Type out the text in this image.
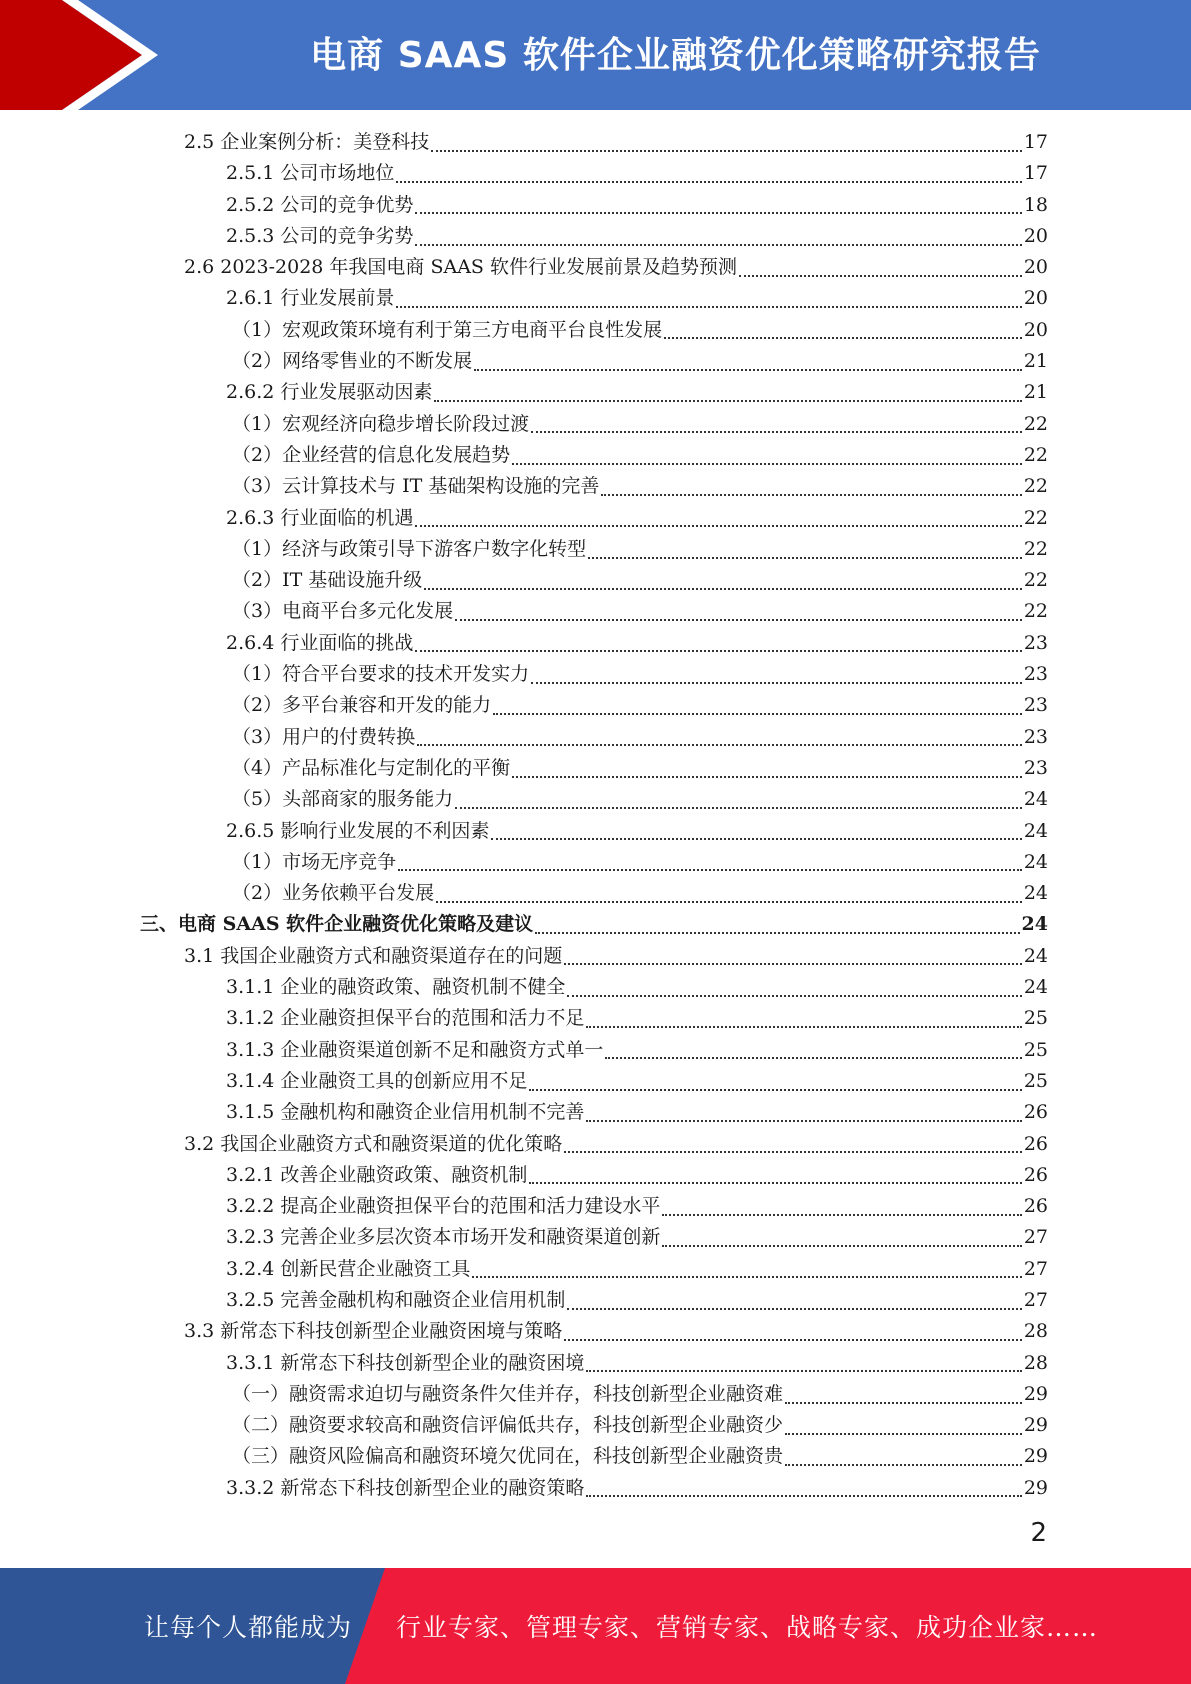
电商 SAAS 软件企业融资优化策略研究报告
2.5 企业案例分析：美登科技	17
2.5.1 公司市场地位	17
2.5.2 公司的竞争优势	18
2.5.3 公司的竞争劣势	20
2.6 2023-2028 年我国电商 SAAS 软件行业发展前景及趋势预测	20
2.6.1 行业发展前景	20
（1）宏观政策环境有利于第三方电商平台良性发展	20
（2）网络零售业的不断发展	21
2.6.2 行业发展驱动因素	21
（1）宏观经济向稳步增长阶段过渡	22
（2）企业经营的信息化发展趋势	22
（3）云计算技术与 IT 基础架构设施的完善	22
2.6.3 行业面临的机遇	22
（1）经济与政策引导下游客户数字化转型	22
（2）IT 基础设施升级	22
（3）电商平台多元化发展	22
2.6.4 行业面临的挑战	23
（1）符合平台要求的技术开发实力	23
（2）多平台兼容和开发的能力	23
（3）用户的付费转换	23
（4）产品标准化与定制化的平衡	23
（5）头部商家的服务能力	24
2.6.5 影响行业发展的不利因素	24
（1）市场无序竞争	24
（2）业务依赖平台发展	24
三、电商 SAAS 软件企业融资优化策略及建议	24
3.1 我国企业融资方式和融资渠道存在的问题	24
3.1.1 企业的融资政策、融资机制不健全	24
3.1.2 企业融资担保平台的范围和活力不足	25
3.1.3 企业融资渠道创新不足和融资方式单一	25
3.1.4 企业融资工具的创新应用不足	25
3.1.5 金融机构和融资企业信用机制不完善	26
3.2 我国企业融资方式和融资渠道的优化策略	26
3.2.1 改善企业融资政策、融资机制	26
3.2.2 提高企业融资担保平台的范围和活力建设水平	26
3.2.3 完善企业多层次资本市场开发和融资渠道创新	27
3.2.4 创新民营企业融资工具	27
3.2.5 完善金融机构和融资企业信用机制	27
3.3 新常态下科技创新型企业融资困境与策略	28
3.3.1 新常态下科技创新型企业的融资困境	28
（一）融资需求迫切与融资条件欠佳并存，科技创新型企业融资难	29
（二）融资要求较高和融资信评偏低共存，科技创新型企业融资少	29
（三）融资风险偏高和融资环境欠优同在，科技创新型企业融资贵	29
3.3.2 新常态下科技创新型企业的融资策略	29
2
让每个人都能成为 行业专家、管理专家、营销专家、战略专家、成功企业家……
